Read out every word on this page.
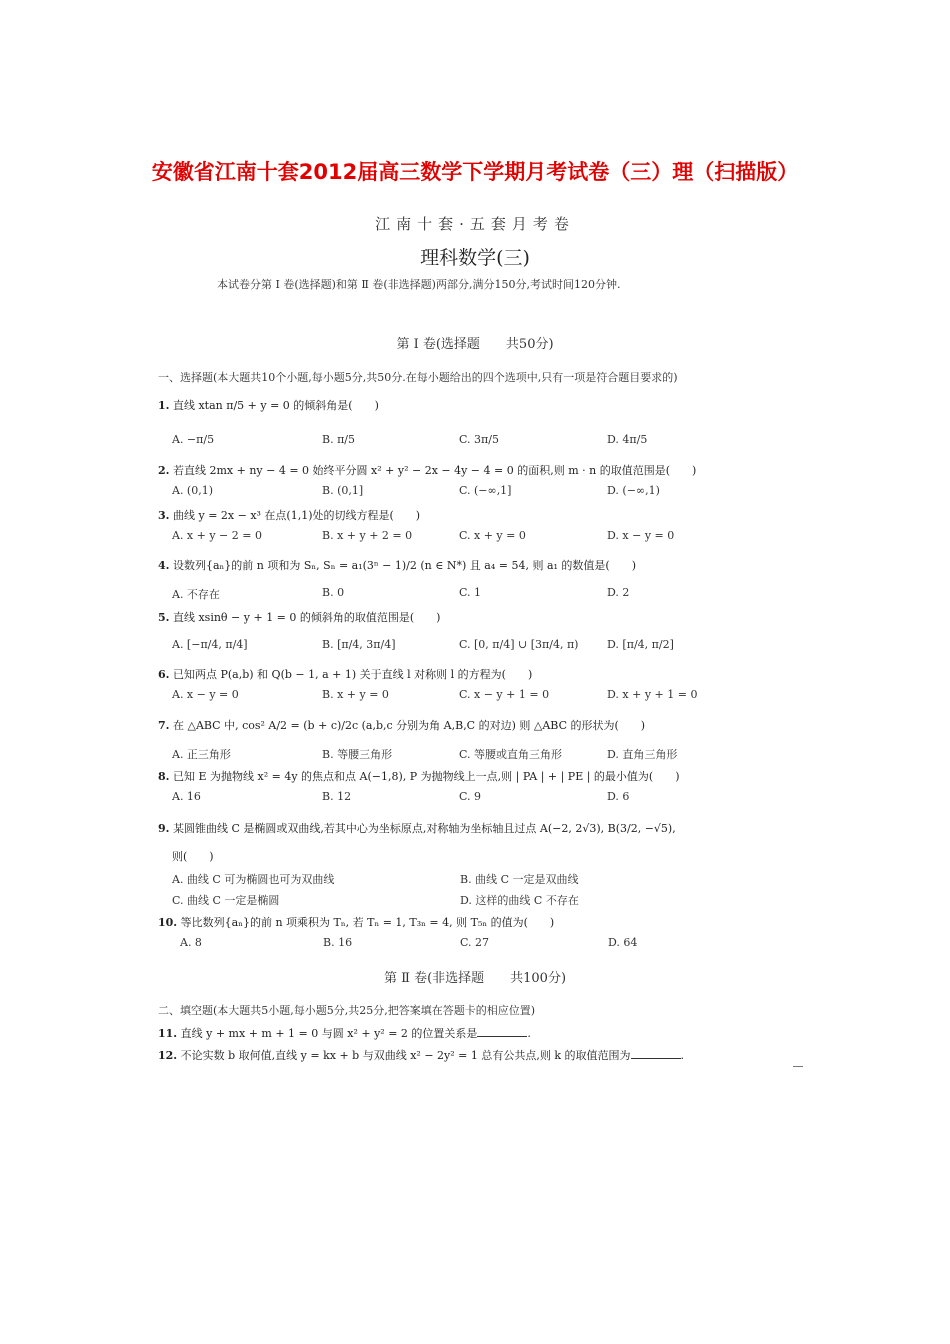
安徽省江南十套2012届高三数学下学期月考试卷（三）理（扫描版）
江南十套·五套月考卷
理科数学(三)
本试卷分第 Ⅰ 卷(选择题)和第 Ⅱ 卷(非选择题)两部分,满分150分,考试时间120分钟.
第 Ⅰ 卷(选择题　　共50分)
一、选择题(本大题共10个小题,每小题5分,共50分.在每小题给出的四个选项中,只有一项是符合题目要求的)
1. 直线 xtan π/5 + y = 0 的倾斜角是(　　)
A. −π/5	B. π/5	C. 3π/5	D. 4π/5
2. 若直线 2mx + ny − 4 = 0 始终平分圆 x² + y² − 2x − 4y − 4 = 0 的面积,则 m · n 的取值范围是(　　)
A. (0,1)	B. (0,1]	C. (−∞,1]	D. (−∞,1)
3. 曲线 y = 2x − x³ 在点(1,1)处的切线方程是(　　)
A. x + y − 2 = 0	B. x + y + 2 = 0	C. x + y = 0	D. x − y = 0
4. 设数列{aₙ}的前 n 项和为 Sₙ, Sₙ = a₁(3ⁿ − 1)/2 (n ∈ N*) 且 a₄ = 54, 则 a₁ 的数值是(　　)
A. 不存在	B. 0	C. 1	D. 2
5. 直线 xsinθ − y + 1 = 0 的倾斜角的取值范围是(　　)
A. [−π/4, π/4]	B. [π/4, 3π/4]	C. [0, π/4] ∪ [3π/4, π)	D. [π/4, π/2]
6. 已知两点 P(a,b) 和 Q(b − 1, a + 1) 关于直线 l 对称则 l 的方程为(　　)
A. x − y = 0	B. x + y = 0	C. x − y + 1 = 0	D. x + y + 1 = 0
7. 在 △ABC 中, cos² A/2 = (b + c)/2c (a,b,c 分别为角 A,B,C 的对边) 则 △ABC 的形状为(　　)
A. 正三角形	B. 等腰三角形	C. 等腰或直角三角形	D. 直角三角形
8. 已知 E 为抛物线 x² = 4y 的焦点和点 A(−1,8), P 为抛物线上一点,则 | PA | + | PE | 的最小值为(　　)
A. 16	B. 12	C. 9	D. 6
9. 某圆锥曲线 C 是椭圆或双曲线,若其中心为坐标原点,对称轴为坐标轴且过点 A(−2, 2√3), B(3/2, −√5),
则(　　)
A. 曲线 C 可为椭圆也可为双曲线	B. 曲线 C 一定是双曲线
C. 曲线 C 一定是椭圆	D. 这样的曲线 C 不存在
10. 等比数列{aₙ}的前 n 项乘积为 Tₙ, 若 Tₙ = 1, T₃ₙ = 4, 则 T₅ₙ 的值为(　　)
A. 8	B. 16	C. 27	D. 64
第 Ⅱ 卷(非选择题　　共100分)
二、填空题(本大题共5小题,每小题5分,共25分,把答案填在答题卡的相应位置)
11. 直线 y + mx + m + 1 = 0 与圆 x² + y² = 2 的位置关系是	.
12. 不论实数 b 取何值,直线 y = kx + b 与双曲线 x² − 2y² = 1 总有公共点,则 k 的取值范围为	.
